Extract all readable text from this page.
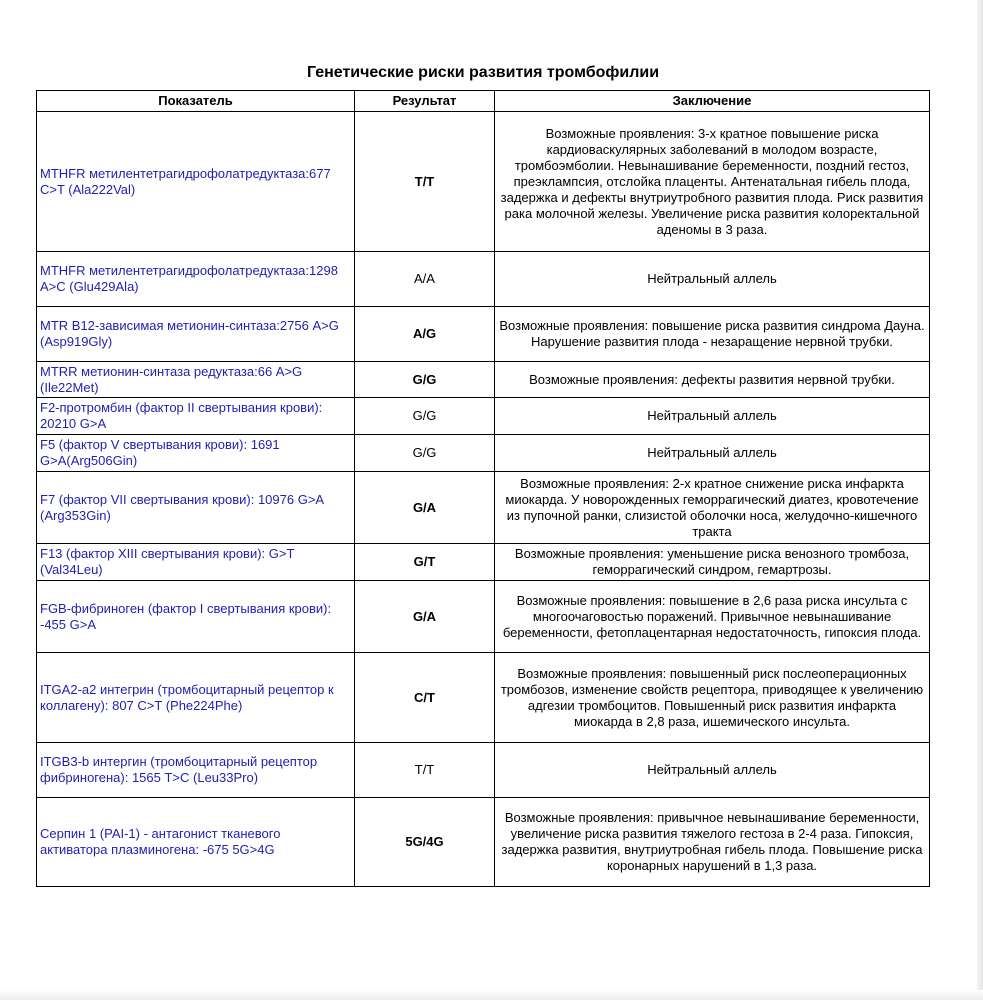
Генетические риски развития тромбофилии
Показатель	Результат	Заключение
MTHFR метилентетрагидрофолатредуктаза:677 C>T (Ala222Val)	T/T	Возможные проявления: 3-х кратное повышение риска кардиоваскулярных заболеваний в молодом возрасте, тромбоэмболии. Невынашивание беременности, поздний гестоз, преэклампсия, отслойка плаценты. Антенатальная гибель плода, задержка и дефекты внутриутробного развития плода. Риск развития рака молочной железы. Увеличение риска развития колоректальной аденомы в 3 раза.
MTHFR метилентетрагидрофолатредуктаза:1298 A>C (Glu429Ala)	A/A	Нейтральный аллель
MTR B12-зависимая метионин-синтаза:2756 A>G (Asp919Gly)	A/G	Возможные проявления: повышение риска развития синдрома Дауна. Нарушение развития плода - незаращение нервной трубки.
MTRR метионин-синтаза редуктаза:66 A>G (Ile22Met)	G/G	Возможные проявления: дефекты развития нервной трубки.
F2-протромбин (фактор II свертывания крови): 20210 G>A	G/G	Нейтральный аллель
F5 (фактор V свертывания крови): 1691 G>A(Arg506Gin)	G/G	Нейтральный аллель
F7 (фактор VII свертывания крови): 10976 G>A (Arg353Gin)	G/A	Возможные проявления: 2-х кратное снижение риска инфаркта миокарда. У новорожденных геморрагический диатез, кровотечение из пупочной ранки, слизистой оболочки носа, желудочно-кишечного тракта
F13 (фактор XIII свертывания крови): G>T (Val34Leu)	G/T	Возможные проявления: уменьшение риска венозного тромбоза, геморрагический синдром, гемартрозы.
FGB-фибриноген (фактор I свертывания крови): -455 G>A	G/A	Возможные проявления: повышение в 2,6 раза риска инсульта с многоочаговостью поражений. Привычное невынашивание беременности, фетоплацентарная недостаточность, гипоксия плода.
ITGA2-a2 интегрин (тромбоцитарный рецептор к коллагену): 807 C>T (Phe224Phe)	C/T	Возможные проявления: повышенный риск послеоперационных тромбозов, изменение свойств рецептора, приводящее к увеличению адгезии тромбоцитов. Повышенный риск развития инфаркта миокарда в 2,8 раза, ишемического инсульта.
ITGB3-b интергин (тромбоцитарный рецептор фибриногена): 1565 T>C (Leu33Pro)	T/T	Нейтральный аллель
Серпин 1 (PAI-1) - антагонист тканевого активатора плазминогена: -675 5G>4G	5G/4G	Возможные проявления: привычное невынашивание беременности, увеличение риска развития тяжелого гестоза в 2-4 раза. Гипоксия, задержка развития, внутриутробная гибель плода. Повышение риска коронарных нарушений в 1,3 раза.
